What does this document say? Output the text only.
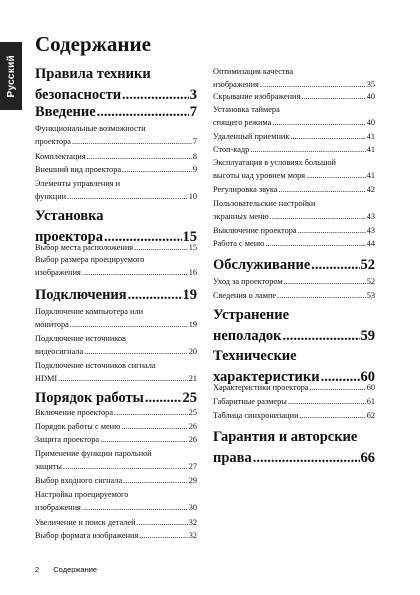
Русский
Содержание
Правила техники
безопасности .....	3
Введение .....	7
Функциональные возможности
проектора .....	7
Комплектация .....	8
Внешний вид проектора .....	9
Элементы управления и
функции .....	10
Установка
проектора .....	15
Выбор места расположения .....	15
Выбор размера проецируемого
изображения .....	16
Подключения .....	19
Подключение компьютера или
монитора .....	19
Подключение источников
видеосигнала .....	20
Подключение источников сигнала
HDMI .....	21
Порядок работы .....	25
Включение проектора .....	25
Порядок работы с меню .....	26
Защита проектора .....	26
Применение функции парольной
защиты .....	27
Выбор входного сигнала .....	29
Настройка проецируемого
изображения .....	30
Увеличение и поиск деталей .....	32
Выбор формата изображения .....	32
Оптимизация качества
изображения .....	35
Скрывание изображения .....	40
Установка таймера
спящего режима .....	40
Удаленный приемник .....	41
Стоп-кадр .....	41
Эксплуатация в условиях большой
высоты над уровнем моря .....	41
Регулировка звука .....	42
Пользовательские настройки
экранных меню .....	43
Выключение проектора .....	43
Работа с меню .....	44
Обслуживание .....	52
Уход за проектором .....	52
Сведения о лампе .....	53
Устранение
неполадок .....	59
Технические
характеристики .....	60
Характеристики проектора .....	60
Габаритные размеры .....	61
Таблица синхронизации .....	62
Гарантия и авторские
права .....	66
2 Содержание
